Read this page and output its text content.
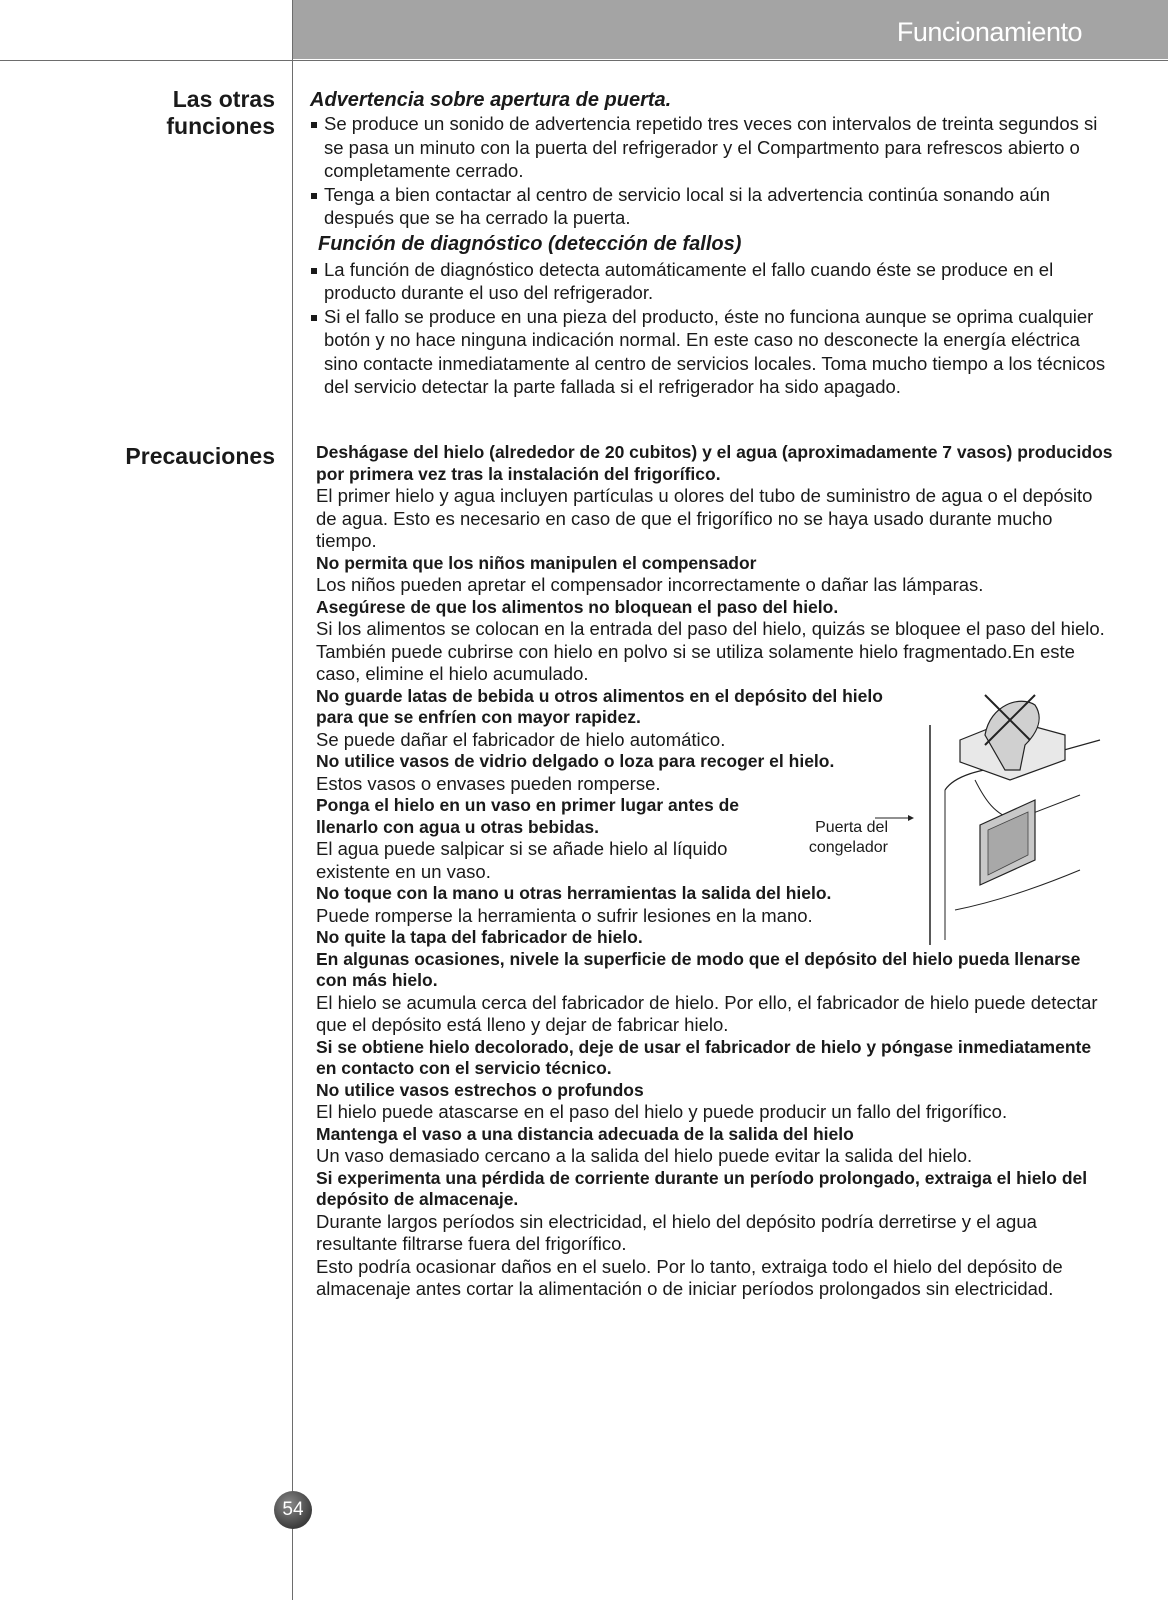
Funcionamiento
Las otras
funciones
Precauciones

Advertencia sobre apertura de puerta.

Se produce un sonido de advertencia repetido tres veces con intervalos de treinta segundos si se pasa un minuto con la puerta del refrigerador y el Compartmento para refrescos abierto o completamente cerrado.

Tenga a bien contactar al centro de servicio local si la advertencia continúa sonando aún después que se ha cerrado la puerta.

Función de diagnóstico (detección de fallos)

La función de diagnóstico detecta automáticamente el fallo cuando éste se produce en el producto durante el uso del refrigerador.

Si el fallo se produce en una pieza del producto, éste no funciona aunque se oprima cualquier botón y no hace ninguna indicación normal. En este caso no desconecte la energía eléctrica sino contacte inmediatamente al centro de servicios locales. Toma mucho tiempo a los técnicos del servicio detectar la parte fallada si el refrigerador ha sido apagado.

Deshágase del hielo (alrededor de 20 cubitos) y el agua (aproximadamente 7 vasos) producidos por primera vez tras la instalación del frigorífico.

El primer hielo y agua incluyen partículas u olores del tubo de suministro de agua o el depósito de agua. Esto es necesario en caso de que el frigorífico no se haya usado durante mucho tiempo.

No permita que los niños manipulen el compensador

Los niños pueden apretar el compensador incorrectamente o dañar las lámparas.

Asegúrese de que los alimentos no bloquean el paso del hielo.

Si los alimentos se colocan en la entrada del paso del hielo, quizás se bloquee el paso del hielo. También puede cubrirse con hielo en polvo si se utiliza solamente hielo fragmentado.En este caso, elimine el hielo acumulado.

No guarde latas de bebida u otros alimentos en el depósito del hielo para que se enfríen con mayor rapidez.

Se puede dañar el fabricador de hielo automático.

No utilice vasos de vidrio delgado o loza para recoger el hielo.

Estos vasos o envases pueden romperse.

Ponga el hielo en un vaso en primer lugar antes de llenarlo con agua u otras bebidas.

El agua puede salpicar si se añade hielo al líquido existente en un vaso.

No toque con la mano u otras herramientas la salida del hielo.

Puede romperse la herramienta o sufrir lesiones en la mano.

No quite la tapa del fabricador de hielo.

En algunas ocasiones, nivele la superficie de modo que el depósito del hielo pueda llenarse con más hielo.

El hielo se acumula cerca del fabricador de hielo. Por ello, el fabricador de hielo puede detectar que el depósito está lleno y dejar de fabricar hielo.

Si se obtiene hielo decolorado, deje de usar el fabricador de hielo y póngase inmediatamente en contacto con el servicio técnico.

No utilice vasos estrechos o profundos

El hielo puede atascarse en el paso del hielo y puede producir un fallo del frigorífico.

Mantenga el vaso a una distancia adecuada de la salida del hielo

Un vaso demasiado cercano a la salida del hielo puede evitar la salida del hielo.

Si experimenta una pérdida de corriente durante un período prolongado, extraiga el hielo del depósito de almacenaje.

Durante largos períodos sin electricidad, el hielo del depósito podría derretirse y el agua resultante filtrarse fuera del frigorífico.

Esto podría ocasionar daños en el suelo. Por lo tanto, extraiga todo el hielo del depósito de almacenaje antes cortar la alimentación o de iniciar períodos prolongados sin electricidad.

Puerta del congelador
54
